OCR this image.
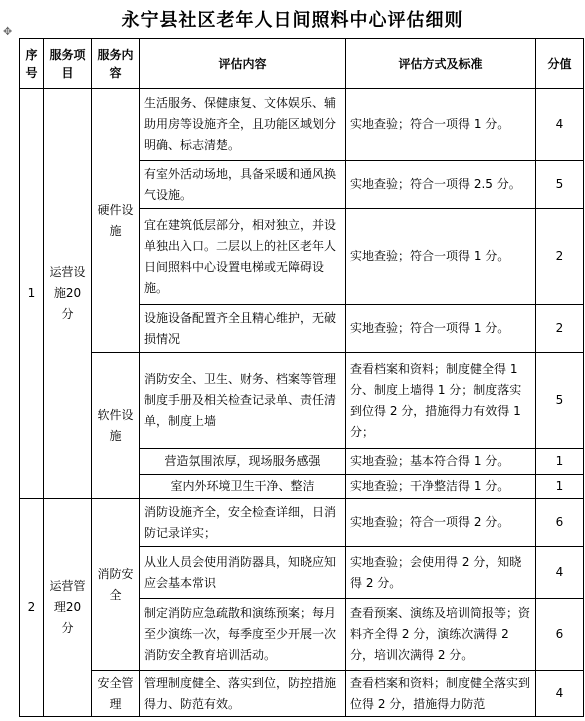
永宁县社区老年人日间照料中心评估细则
✥
序号	服务项目	服务内容	评估内容	评估方式及标准	分值
1	运营设施20分	硬件设施	生活服务、保健康复、文体娱乐、辅助用房等设施齐全，且功能区域划分明确、标志清楚。	实地查验；符合一项得 1 分。	4
			有室外活动场地，具备采暖和通风换气设施。	实地查验；符合一项得 2.5 分。	5
			宜在建筑低层部分，相对独立，并设单独出入口。二层以上的社区老年人日间照料中心设置电梯或无障碍设施。	实地查验；符合一项得 1 分。	2
			设施设备配置齐全且精心维护，无破损情况	实地查验；符合一项得 1 分。	2
		软件设施	消防安全、卫生、财务、档案等管理制度手册及相关检查记录单、责任清单，制度上墙	查看档案和资料；制度健全得 1 分、制度上墙得 1 分；制度落实到位得 2 分，措施得力有效得 1 分；	5
			营造氛围浓厚，现场服务感强	实地查验；基本符合得 1 分。	1
			室内外环境卫生干净、整洁	实地查验；干净整洁得 1 分。	1
2	运营管理20分	消防安全	消防设施齐全，安全检查详细，日消防记录详实；	实地查验；符合一项得 2 分。	6
			从业人员会使用消防器具，知晓应知应会基本常识	实地查验；会使用得 2 分，知晓得 2 分。	4
			制定消防应急疏散和演练预案；每月至少演练一次，每季度至少开展一次消防安全教育培训活动。	查看预案、演练及培训简报等；资料齐全得 2 分，演练次满得 2 分，培训次满得 2 分。	6
		安全管理	管理制度健全、落实到位，防控措施得力、防范有效。	查看档案和资料；制度健全落实到位得 2 分，措施得力防范	4
